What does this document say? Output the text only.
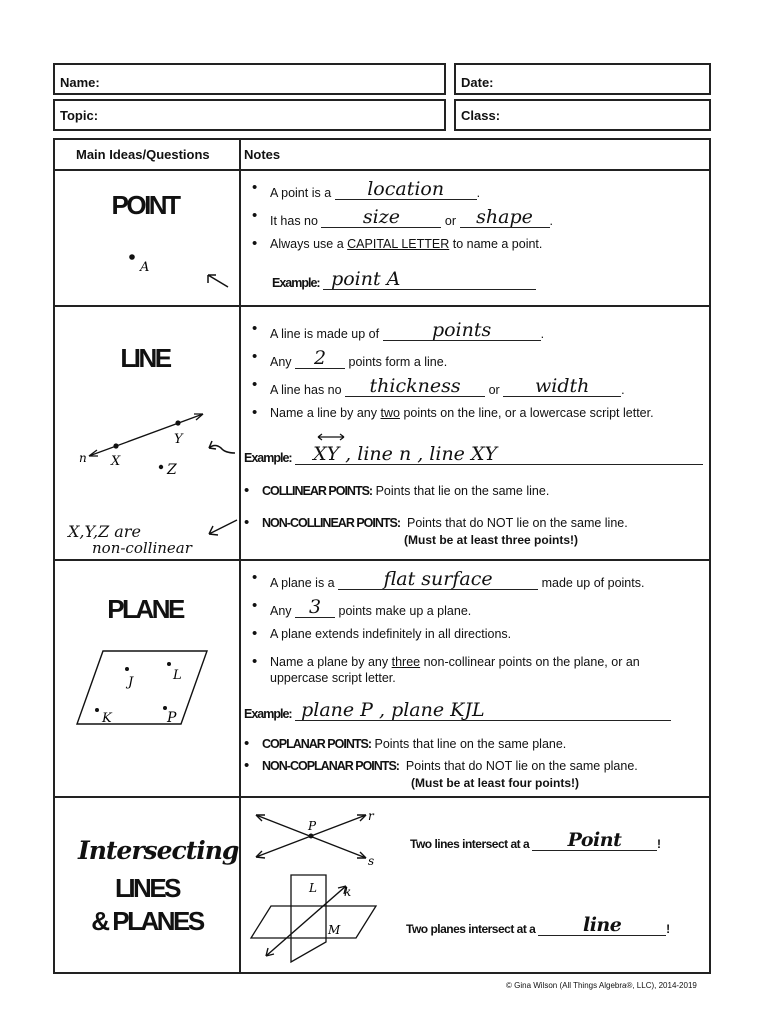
Name:	Date:
Topic:	Class:
Main Ideas/Questions	Notes
POINT
A
• A point is a location	.
• It has no size	or shape .
• Always use a CAPITAL LETTER to name a point.
Example: point A
LINE
n X
Y
Z
X,Y,Z are
non-collinear
• A line is made up of	points	.
• Any 2 points form a line.
• A line has no thickness or width	.
• Name a line by any two points on the line, or a lowercase script letter.
Example: XY , line n , line XY
• COLLINEAR POINTS: Points that lie on the same line.
• NON-COLLINEAR POINTS: Points that do NOT lie on the same line.
(Must be at least three points!)
PLANE
J	L
K	P
• A plane is a	flat surface	made up of points.
• Any 3 points make up a plane.
• A plane extends indefinitely in all directions.
• Name a plane by any three non-collinear points on the plane, or an
uppercase script letter.
Example: plane P , plane KJL
• COPLANAR POINTS: Points that line on the same plane.
• NON-COPLANAR POINTS: Points that do NOT lie on the same plane.
(Must be at least four points!)
Intersecting
LINES
& PLANES
P
r
s
L k
M
Two lines intersect at a Point	!
Two planes intersect at a	line	!
© Gina Wilson (All Things Algebra®, LLC), 2014-2019
